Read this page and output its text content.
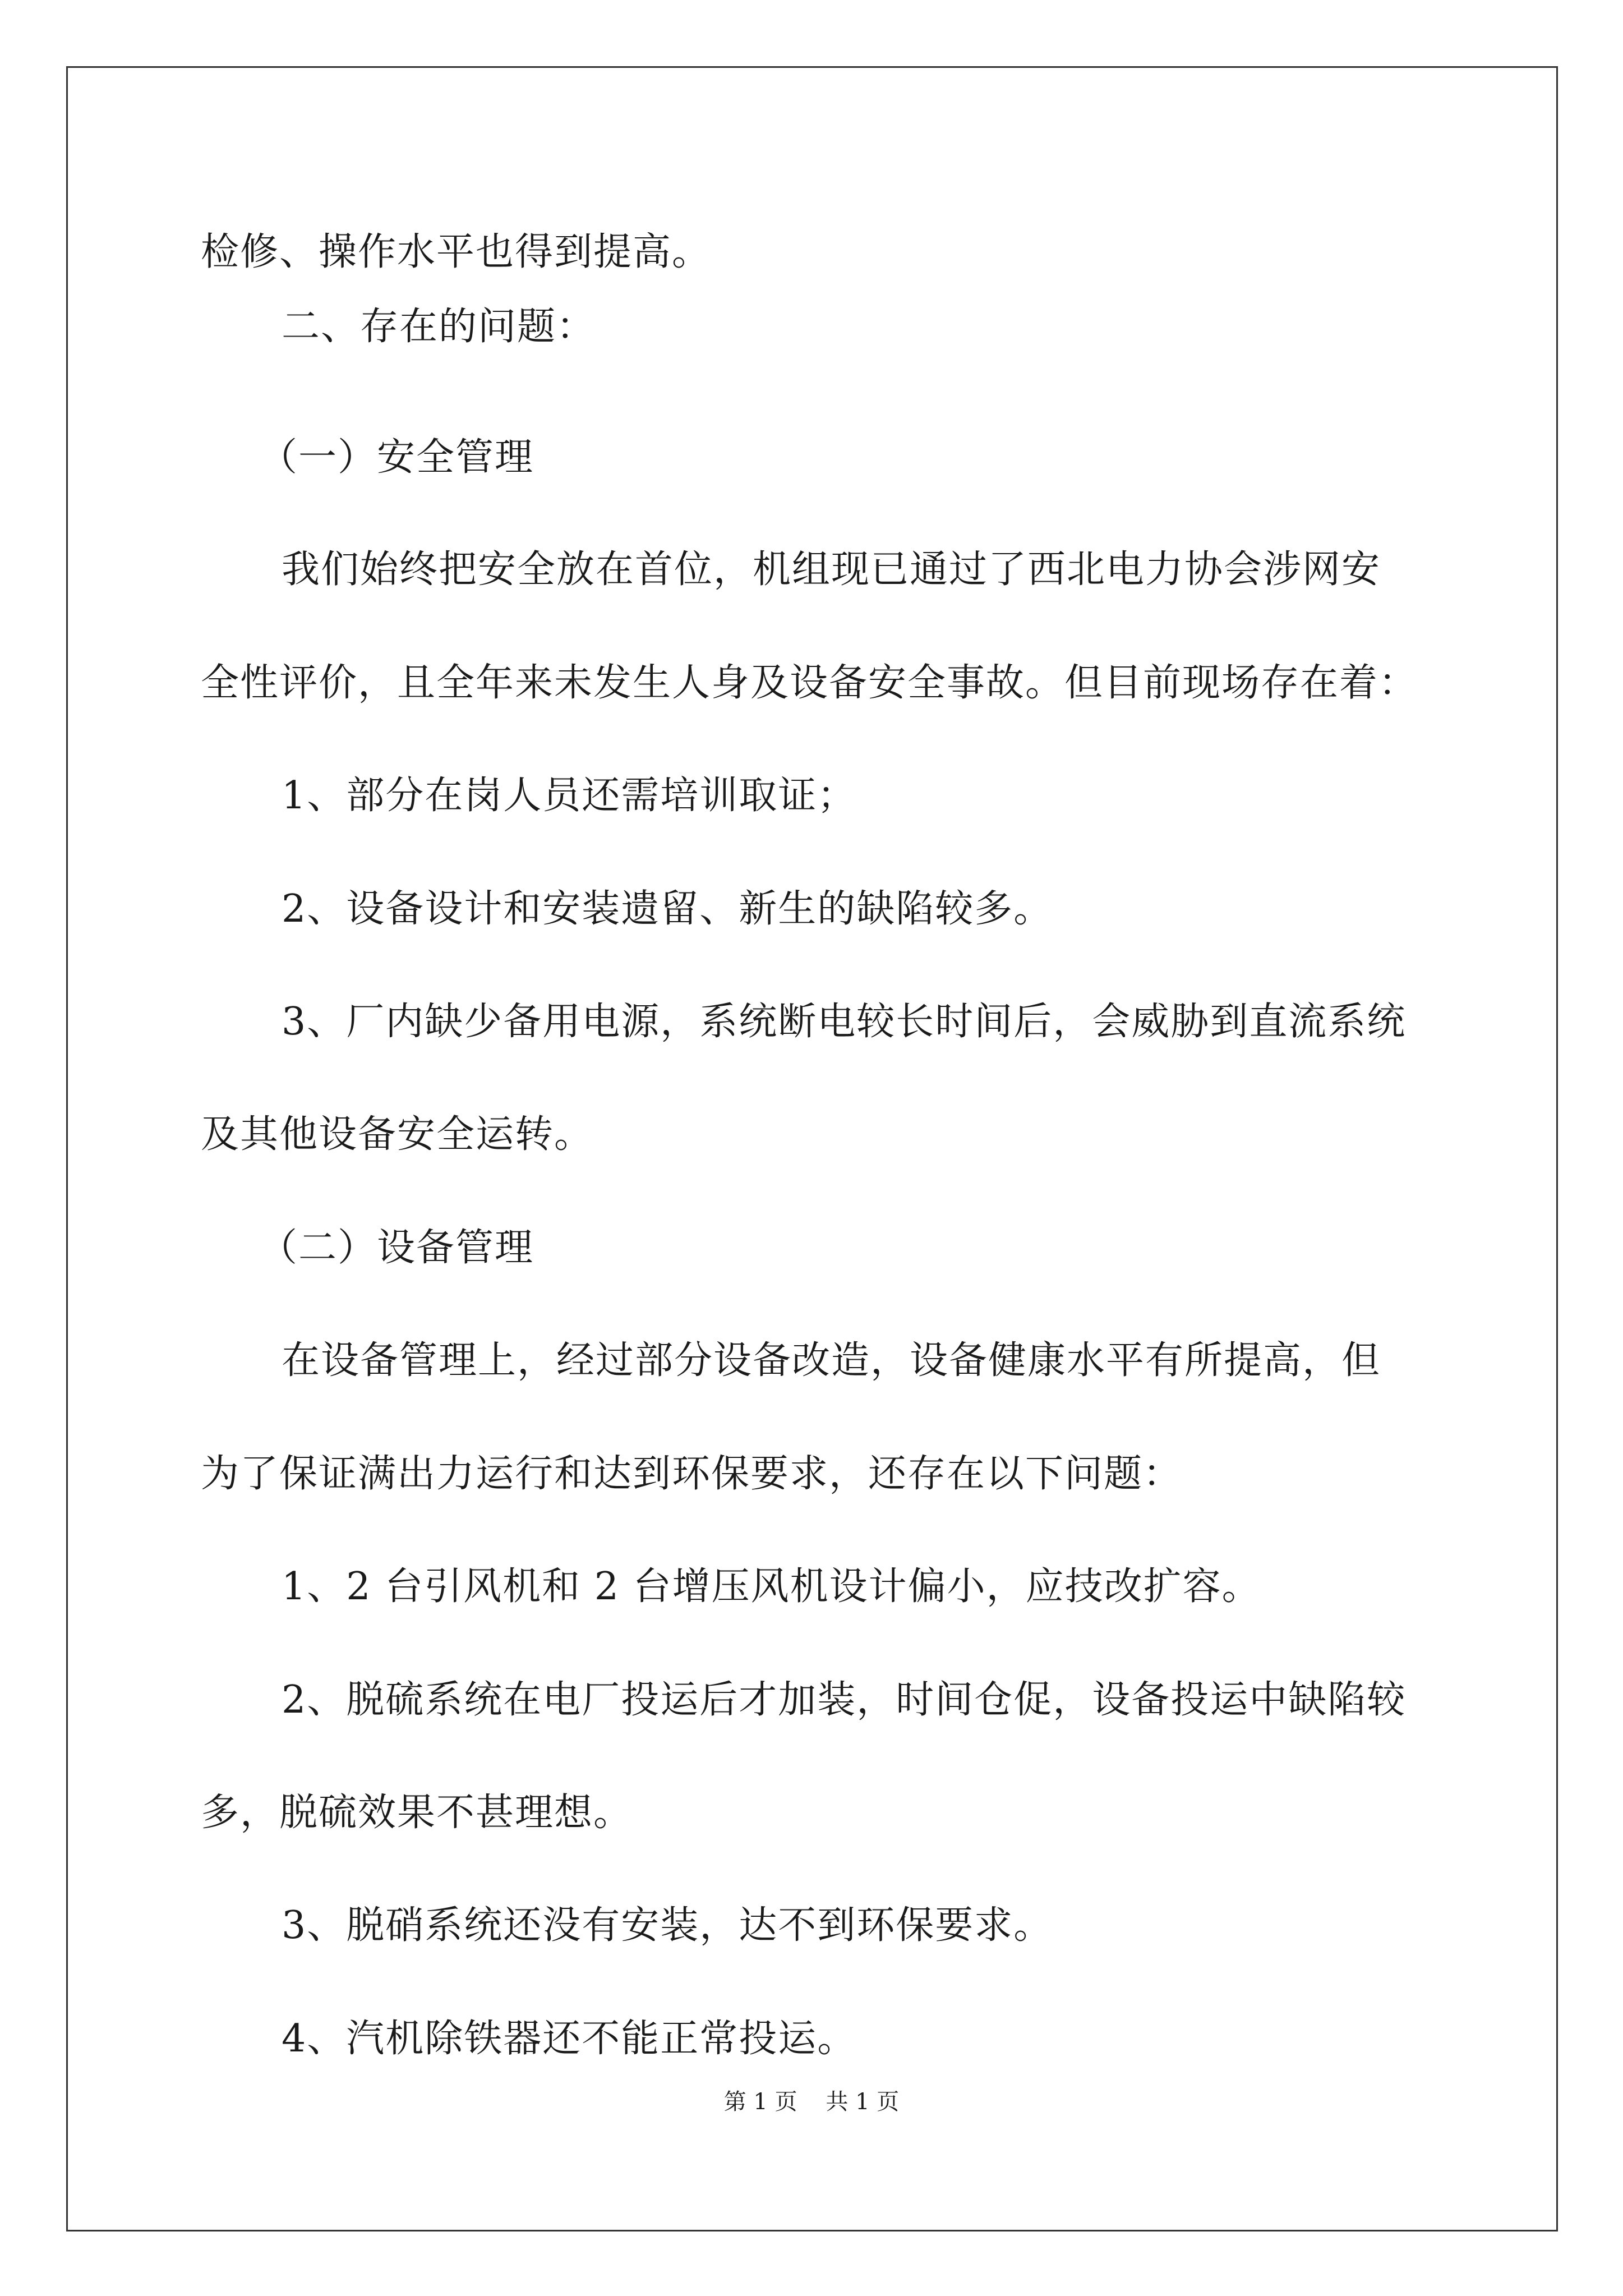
检修、操作水平也得到提高。
二、存在的问题：
（一）安全管理
我们始终把安全放在首位，机组现已通过了西北电力协会涉网安
全性评价，且全年来未发生人身及设备安全事故。但目前现场存在着：
1、部分在岗人员还需培训取证；
2、设备设计和安装遗留、新生的缺陷较多。
3、厂内缺少备用电源，系统断电较长时间后，会威胁到直流系统
及其他设备安全运转。
（二）设备管理
在设备管理上，经过部分设备改造，设备健康水平有所提高，但
为了保证满出力运行和达到环保要求，还存在以下问题：
1、2 台引风机和 2 台增压风机设计偏小，应技改扩容。
2、脱硫系统在电厂投运后才加装，时间仓促，设备投运中缺陷较
多，脱硫效果不甚理想。
3、脱硝系统还没有安装，达不到环保要求。
4、汽机除铁器还不能正常投运。
第 1 页    共 1 页
